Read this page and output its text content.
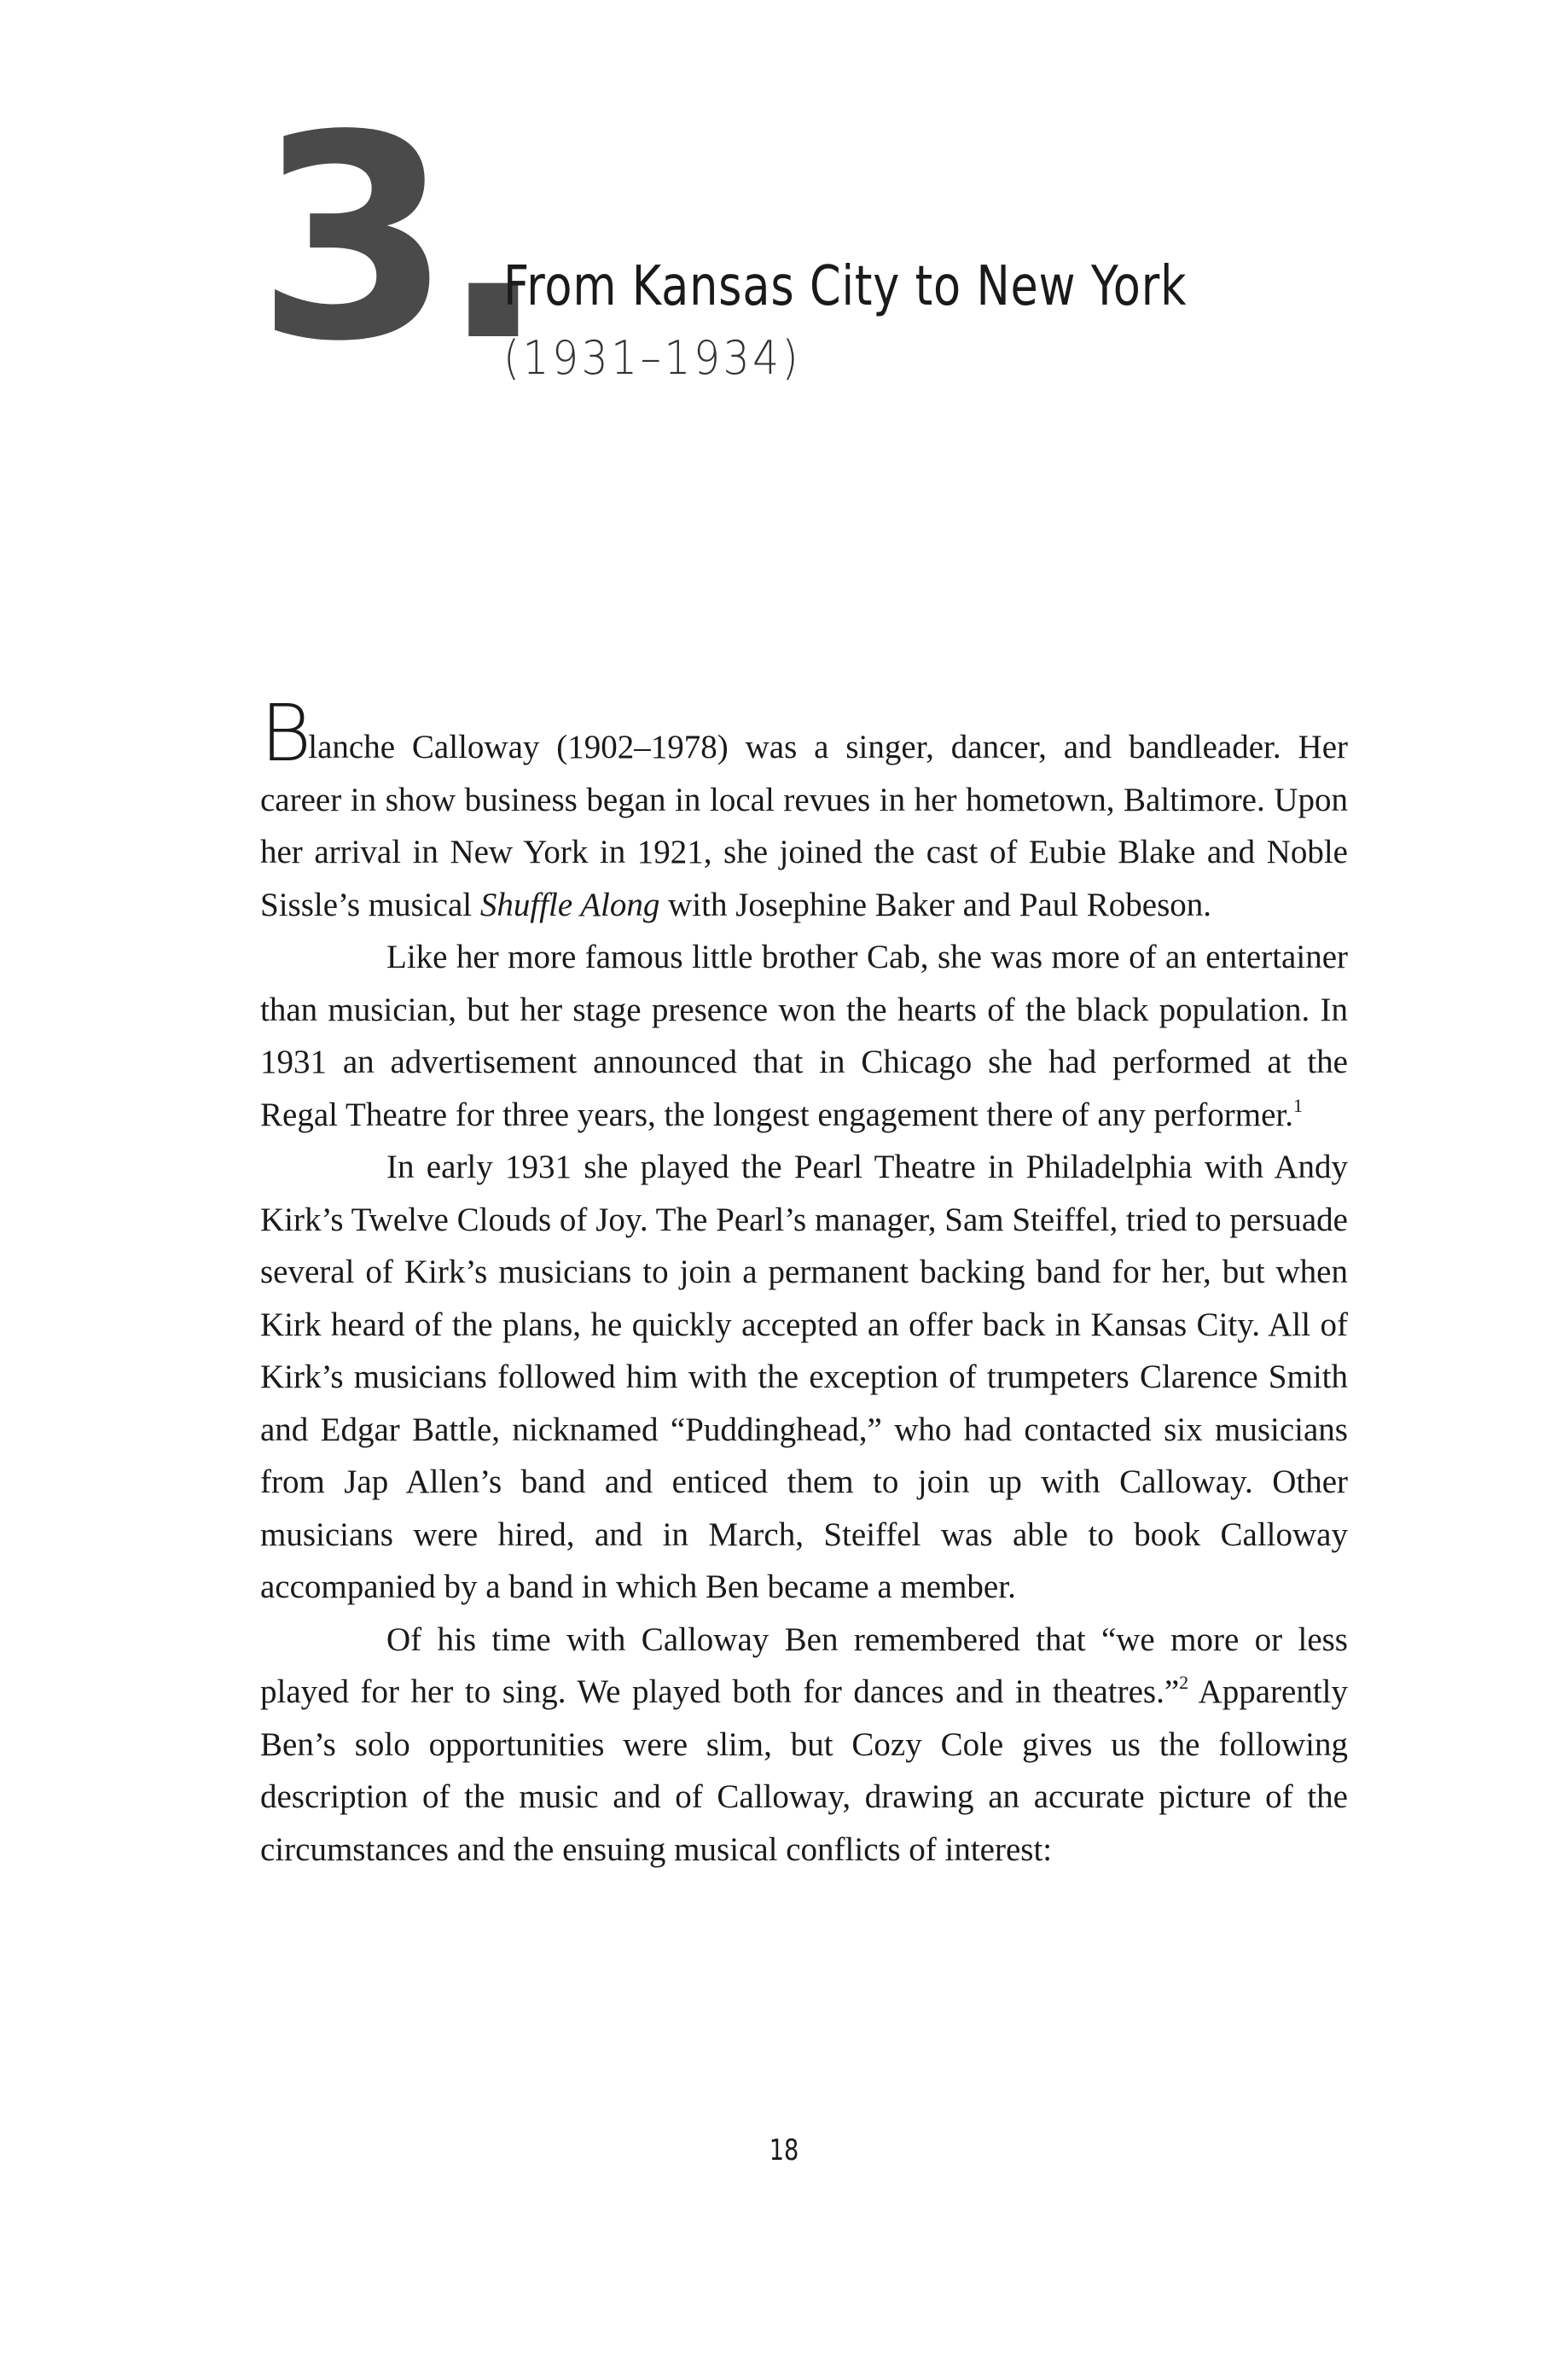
3.
From Kansas City to New York
(1931–1934)

Blanche Calloway (1902–1978) was a singer, dancer, and bandleader. Her career in show business began in local revues in her hometown, Baltimore. Upon her arrival in New York in 1921, she joined the cast of Eubie Blake and Noble Sissle’s musical Shuffle Along with Josephine Baker and Paul Robeson.

Like her more famous little brother Cab, she was more of an entertainer than musician, but her stage presence won the hearts of the black population. In 1931 an advertisement announced that in Chicago she had performed at the Regal Theatre for three years, the longest engagement there of any performer.$^1$

In early 1931 she played the Pearl Theatre in Philadelphia with Andy Kirk’s Twelve Clouds of Joy. The Pearl’s manager, Sam Steiffel, tried to persuade several of Kirk’s musicians to join a permanent backing band for her, but when Kirk heard of the plans, he quickly accepted an offer back in Kansas City. All of Kirk’s musicians followed him with the exception of trumpeters Clarence Smith and Edgar Battle, nicknamed “Puddinghead,” who had contacted six musicians from Jap Allen’s band and enticed them to join up with Calloway. Other musicians were hired, and in March, Steiffel was able to book Calloway accompanied by a band in which Ben became a member.

Of his time with Calloway Ben remembered that “we more or less played for her to sing. We played both for dances and in theatres.”$^2$ Apparently Ben’s solo opportunities were slim, but Cozy Cole gives us the following description of the music and of Calloway, drawing an accurate picture of the circumstances and the ensuing musical conflicts of interest:

18
